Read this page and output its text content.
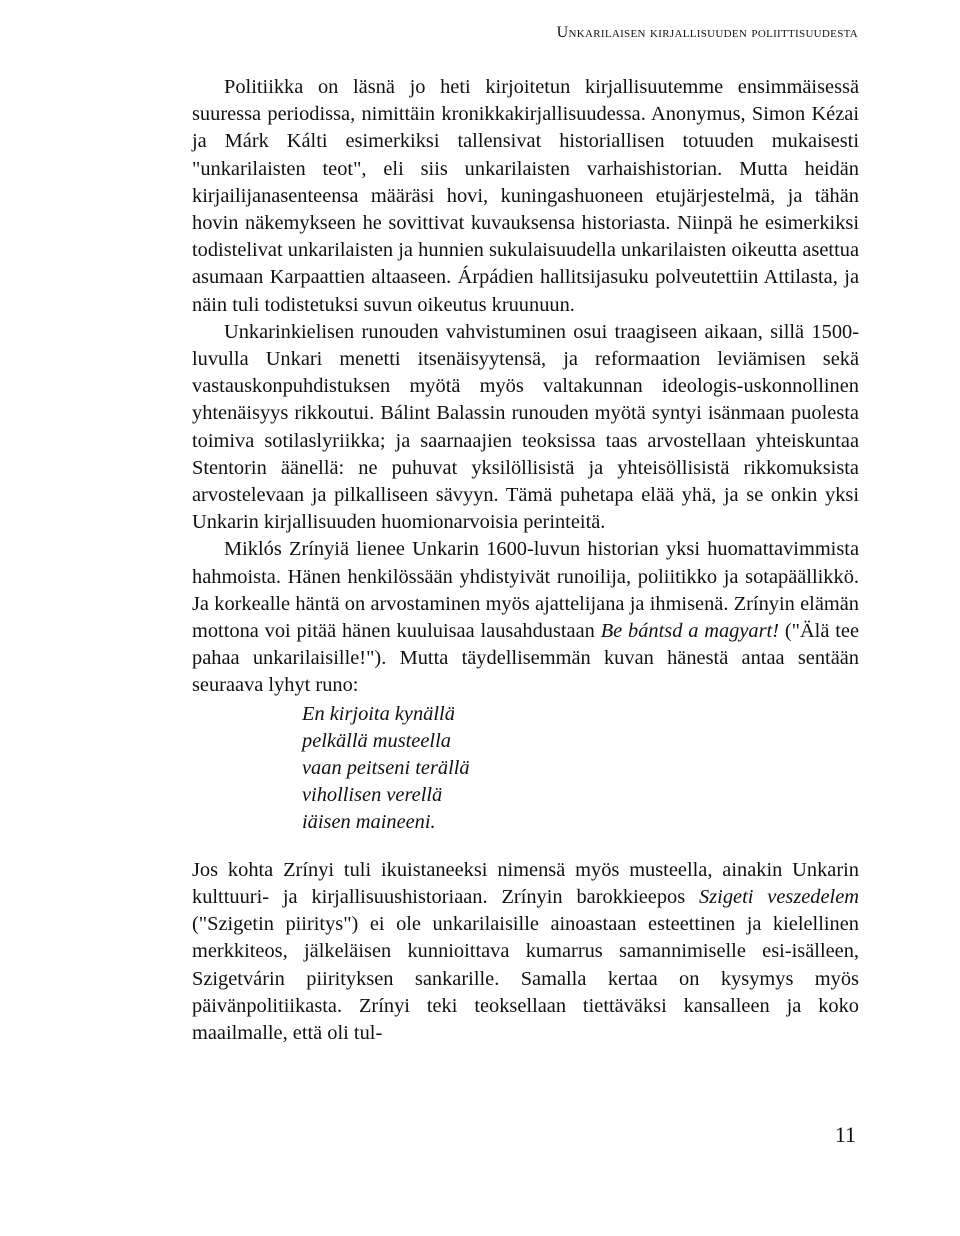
Unkarilaisen kirjallisuuden poliittisuudesta

Politiikka on läsnä jo heti kirjoitetun kirjallisuutemme ensimmäisessä suuressa periodissa, nimittäin kronikkakirjallisuudessa. Anonymus, Simon Kézai ja Márk Kálti esimerkiksi tallensivat historiallisen totuuden mukaisesti "unkarilaisten teot", eli siis unkarilaisten varhaishistorian. Mutta heidän kirjailijanasenteensa määräsi hovi, kuningashuoneen etujärjestelmä, ja tähän hovin näkemykseen he sovittivat kuvauksensa historiasta. Niinpä he esimerkiksi todistelivat unkarilaisten ja hunnien sukulaisuudella unkarilaisten oikeutta asettua asumaan Karpaattien altaaseen. Árpádien hallitsijasuku polveutettiin Attilasta, ja näin tuli todistetuksi suvun oikeutus kruunuun.

Unkarinkielisen runouden vahvistuminen osui traagiseen aikaan, sillä 1500-luvulla Unkari menetti itsenäisyytensä, ja reformaation leviämisen sekä vastauskonpuhdistuksen myötä myös valtakunnan ideologis-uskonnollinen yhtenäisyys rikkoutui. Bálint Balassin runouden myötä syntyi isänmaan puolesta toimiva sotilaslyriikka; ja saarnaajien teoksissa taas arvostellaan yhteiskuntaa Stentorin äänellä: ne puhuvat yksilöllisistä ja yhteisöllisistä rikkomuksista arvostelevaan ja pilkalliseen sävyyn. Tämä puhetapa elää yhä, ja se onkin yksi Unkarin kirjallisuuden huomionarvoisia perinteitä.

Miklós Zrínyiä lienee Unkarin 1600-luvun historian yksi huomattavimmista hahmoista. Hänen henkilössään yhdistyivät runoilija, poliitikko ja sotapäällikkö. Ja korkealle häntä on arvostaminen myös ajattelijana ja ihmisenä. Zrínyin elämän mottona voi pitää hänen kuuluisaa lausahdustaan Be bántsd a magyart! ("Älä tee pahaa unkarilaisille!"). Mutta täydellisemmän kuvan hänestä antaa sentään seuraava lyhyt runo:

En kirjoita kynällä
pelkällä musteella
vaan peitseni terällä
vihollisen verellä
iäisen maineeni.

Jos kohta Zrínyi tuli ikuistaneeksi nimensä myös musteella, ainakin Unkarin kulttuuri- ja kirjallisuushistoriaan. Zrínyin barokkieepos Szigeti veszedelem ("Szigetin piiritys") ei ole unkarilaisille ainoastaan esteettinen ja kielellinen merkkiteos, jälkeläisen kunnioittava kumarrus samannimiselle esi-isälleen, Szigetvárin piirityksen sankarille. Samalla kertaa on kysymys myös päivänpolitiikasta. Zrínyi teki teoksellaan tiettäväksi kansalleen ja koko maailmalle, että oli tul-

11
